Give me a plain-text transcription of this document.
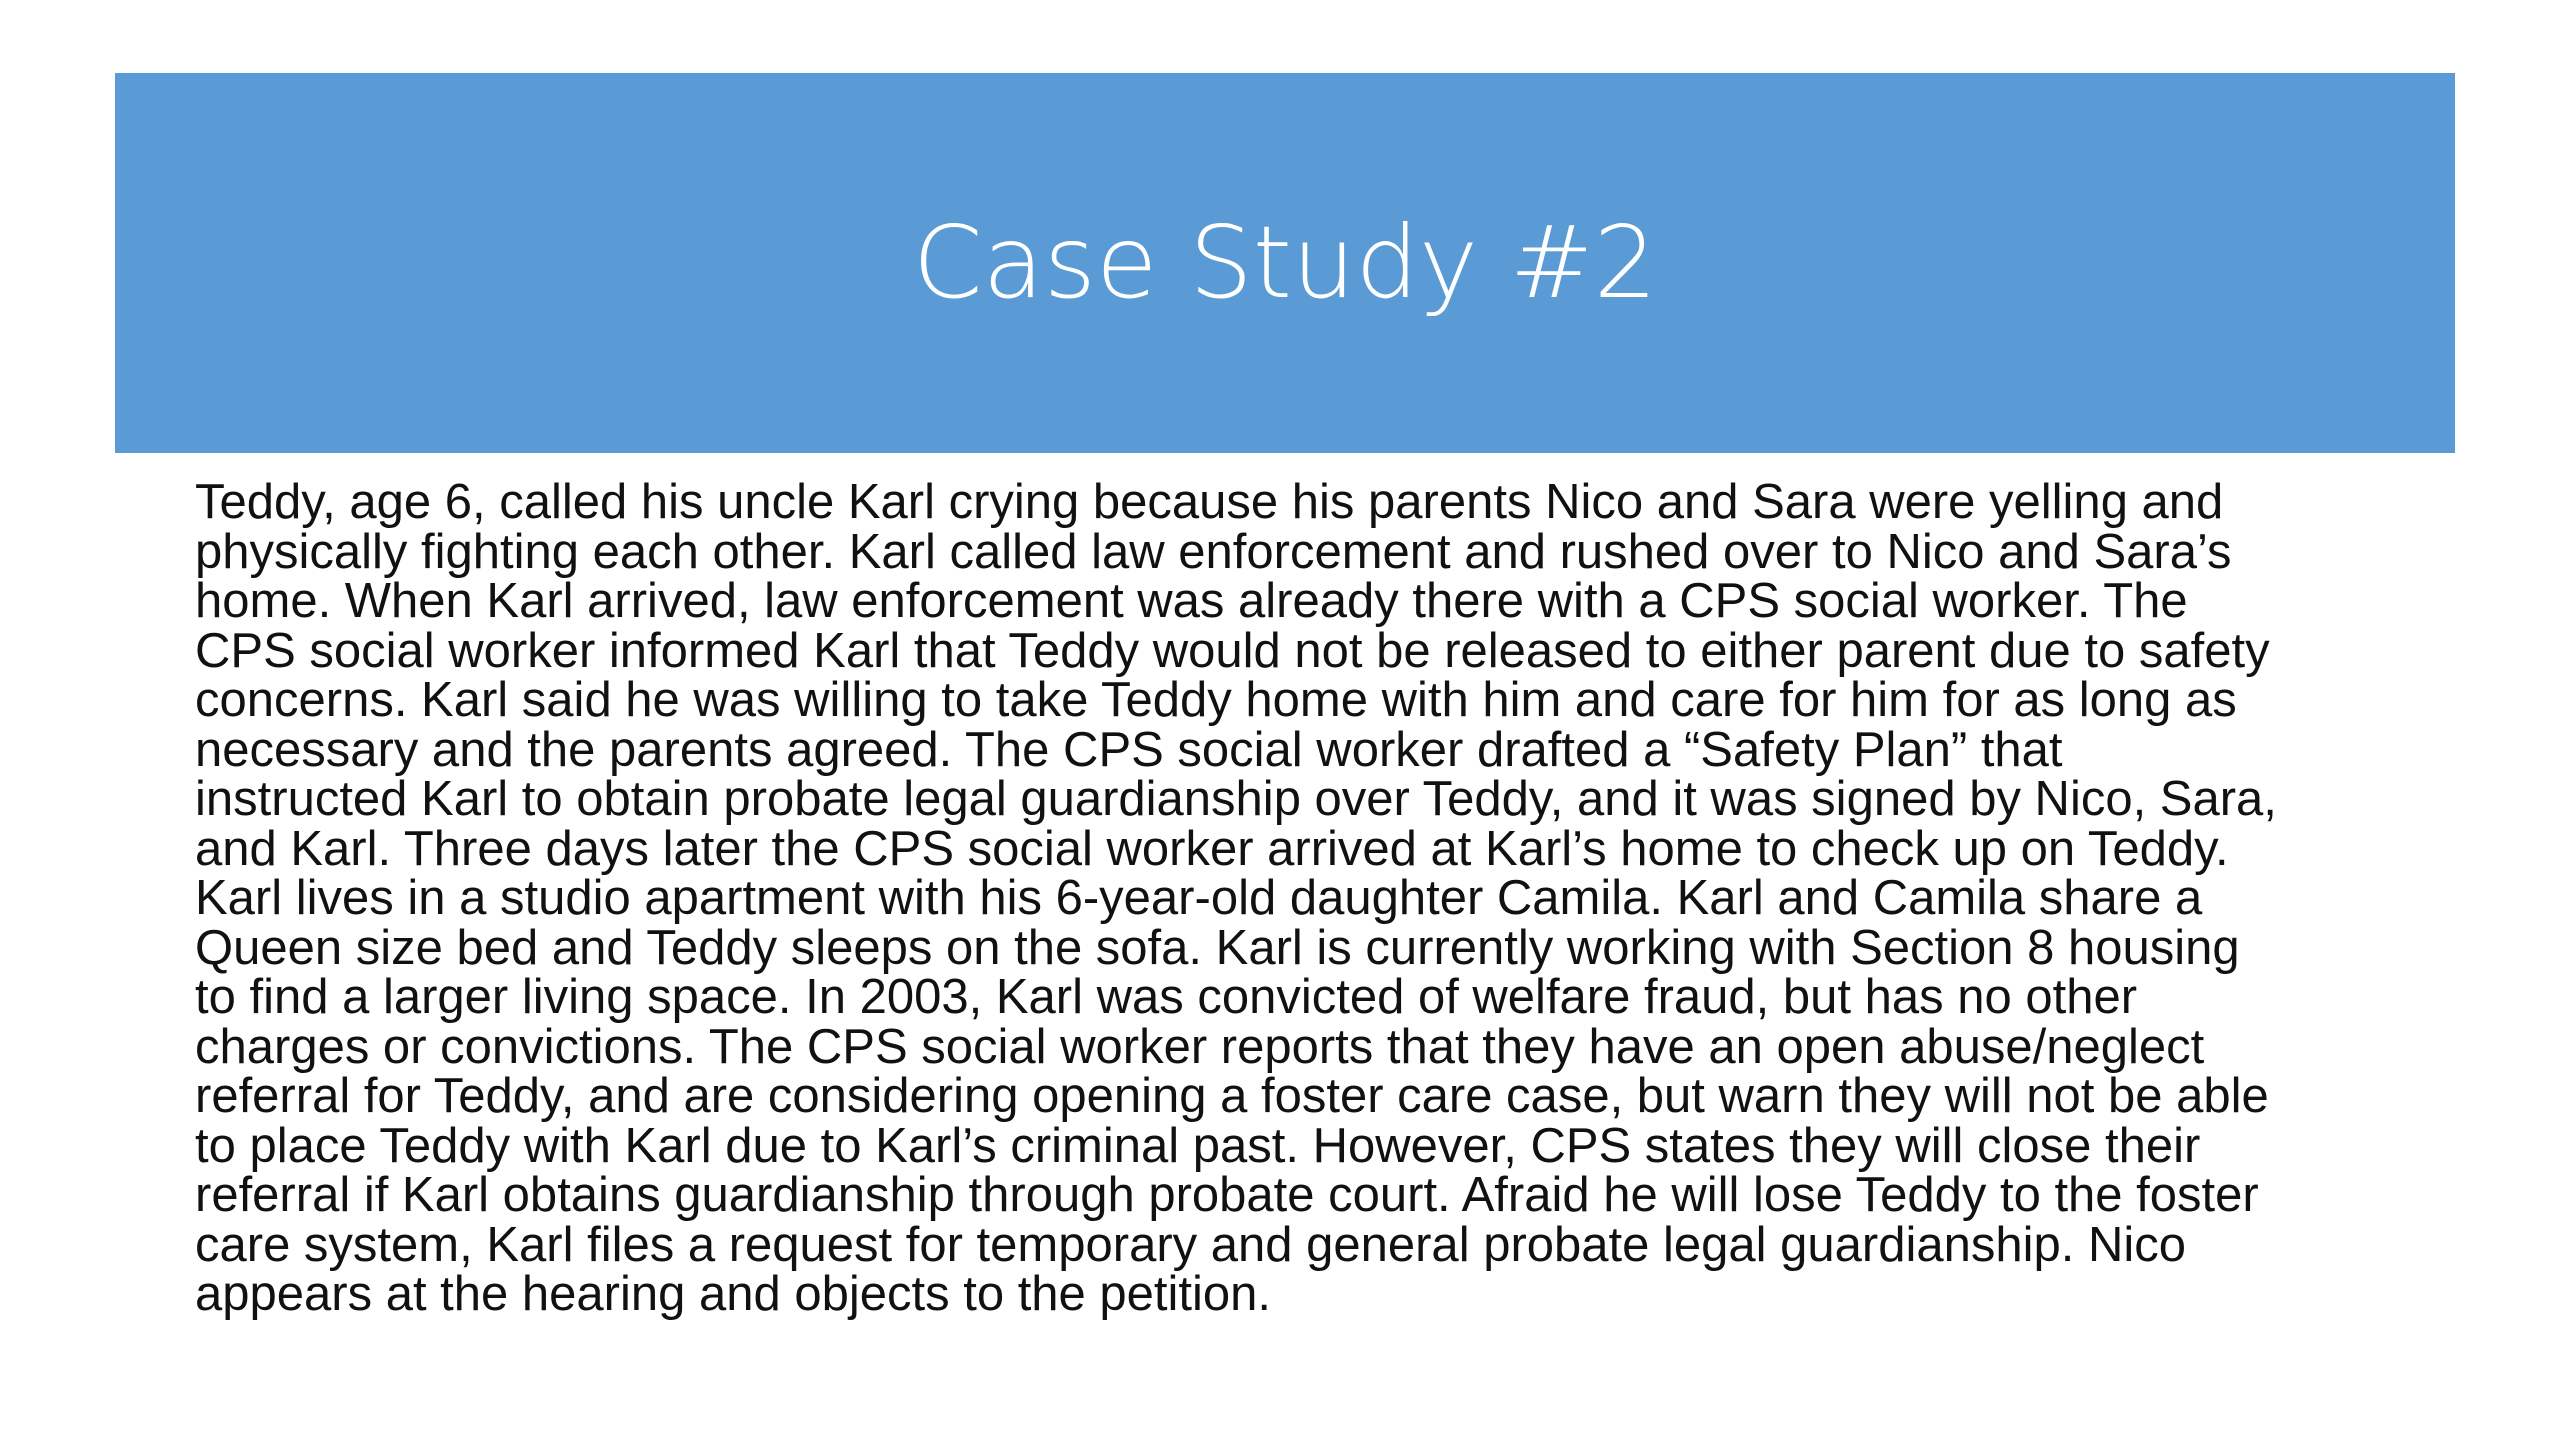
Case Study #2
Teddy, age 6, called his uncle Karl crying because his parents Nico and Sara were yelling and
physically fighting each other. Karl called law enforcement and rushed over to Nico and Sara’s
home. When Karl arrived, law enforcement was already there with a CPS social worker. The
CPS social worker informed Karl that Teddy would not be released to either parent due to safety
concerns. Karl said he was willing to take Teddy home with him and care for him for as long as
necessary and the parents agreed. The CPS social worker drafted a “Safety Plan” that
instructed Karl to obtain probate legal guardianship over Teddy, and it was signed by Nico, Sara,
and Karl. Three days later the CPS social worker arrived at Karl’s home to check up on Teddy.
Karl lives in a studio apartment with his 6-year-old daughter Camila. Karl and Camila share a
Queen size bed and Teddy sleeps on the sofa. Karl is currently working with Section 8 housing
to find a larger living space. In 2003, Karl was convicted of welfare fraud, but has no other
charges or convictions. The CPS social worker reports that they have an open abuse/neglect
referral for Teddy, and are considering opening a foster care case, but warn they will not be able
to place Teddy with Karl due to Karl’s criminal past. However, CPS states they will close their
referral if Karl obtains guardianship through probate court. Afraid he will lose Teddy to the foster
care system, Karl files a request for temporary and general probate legal guardianship. Nico
appears at the hearing and objects to the petition.
